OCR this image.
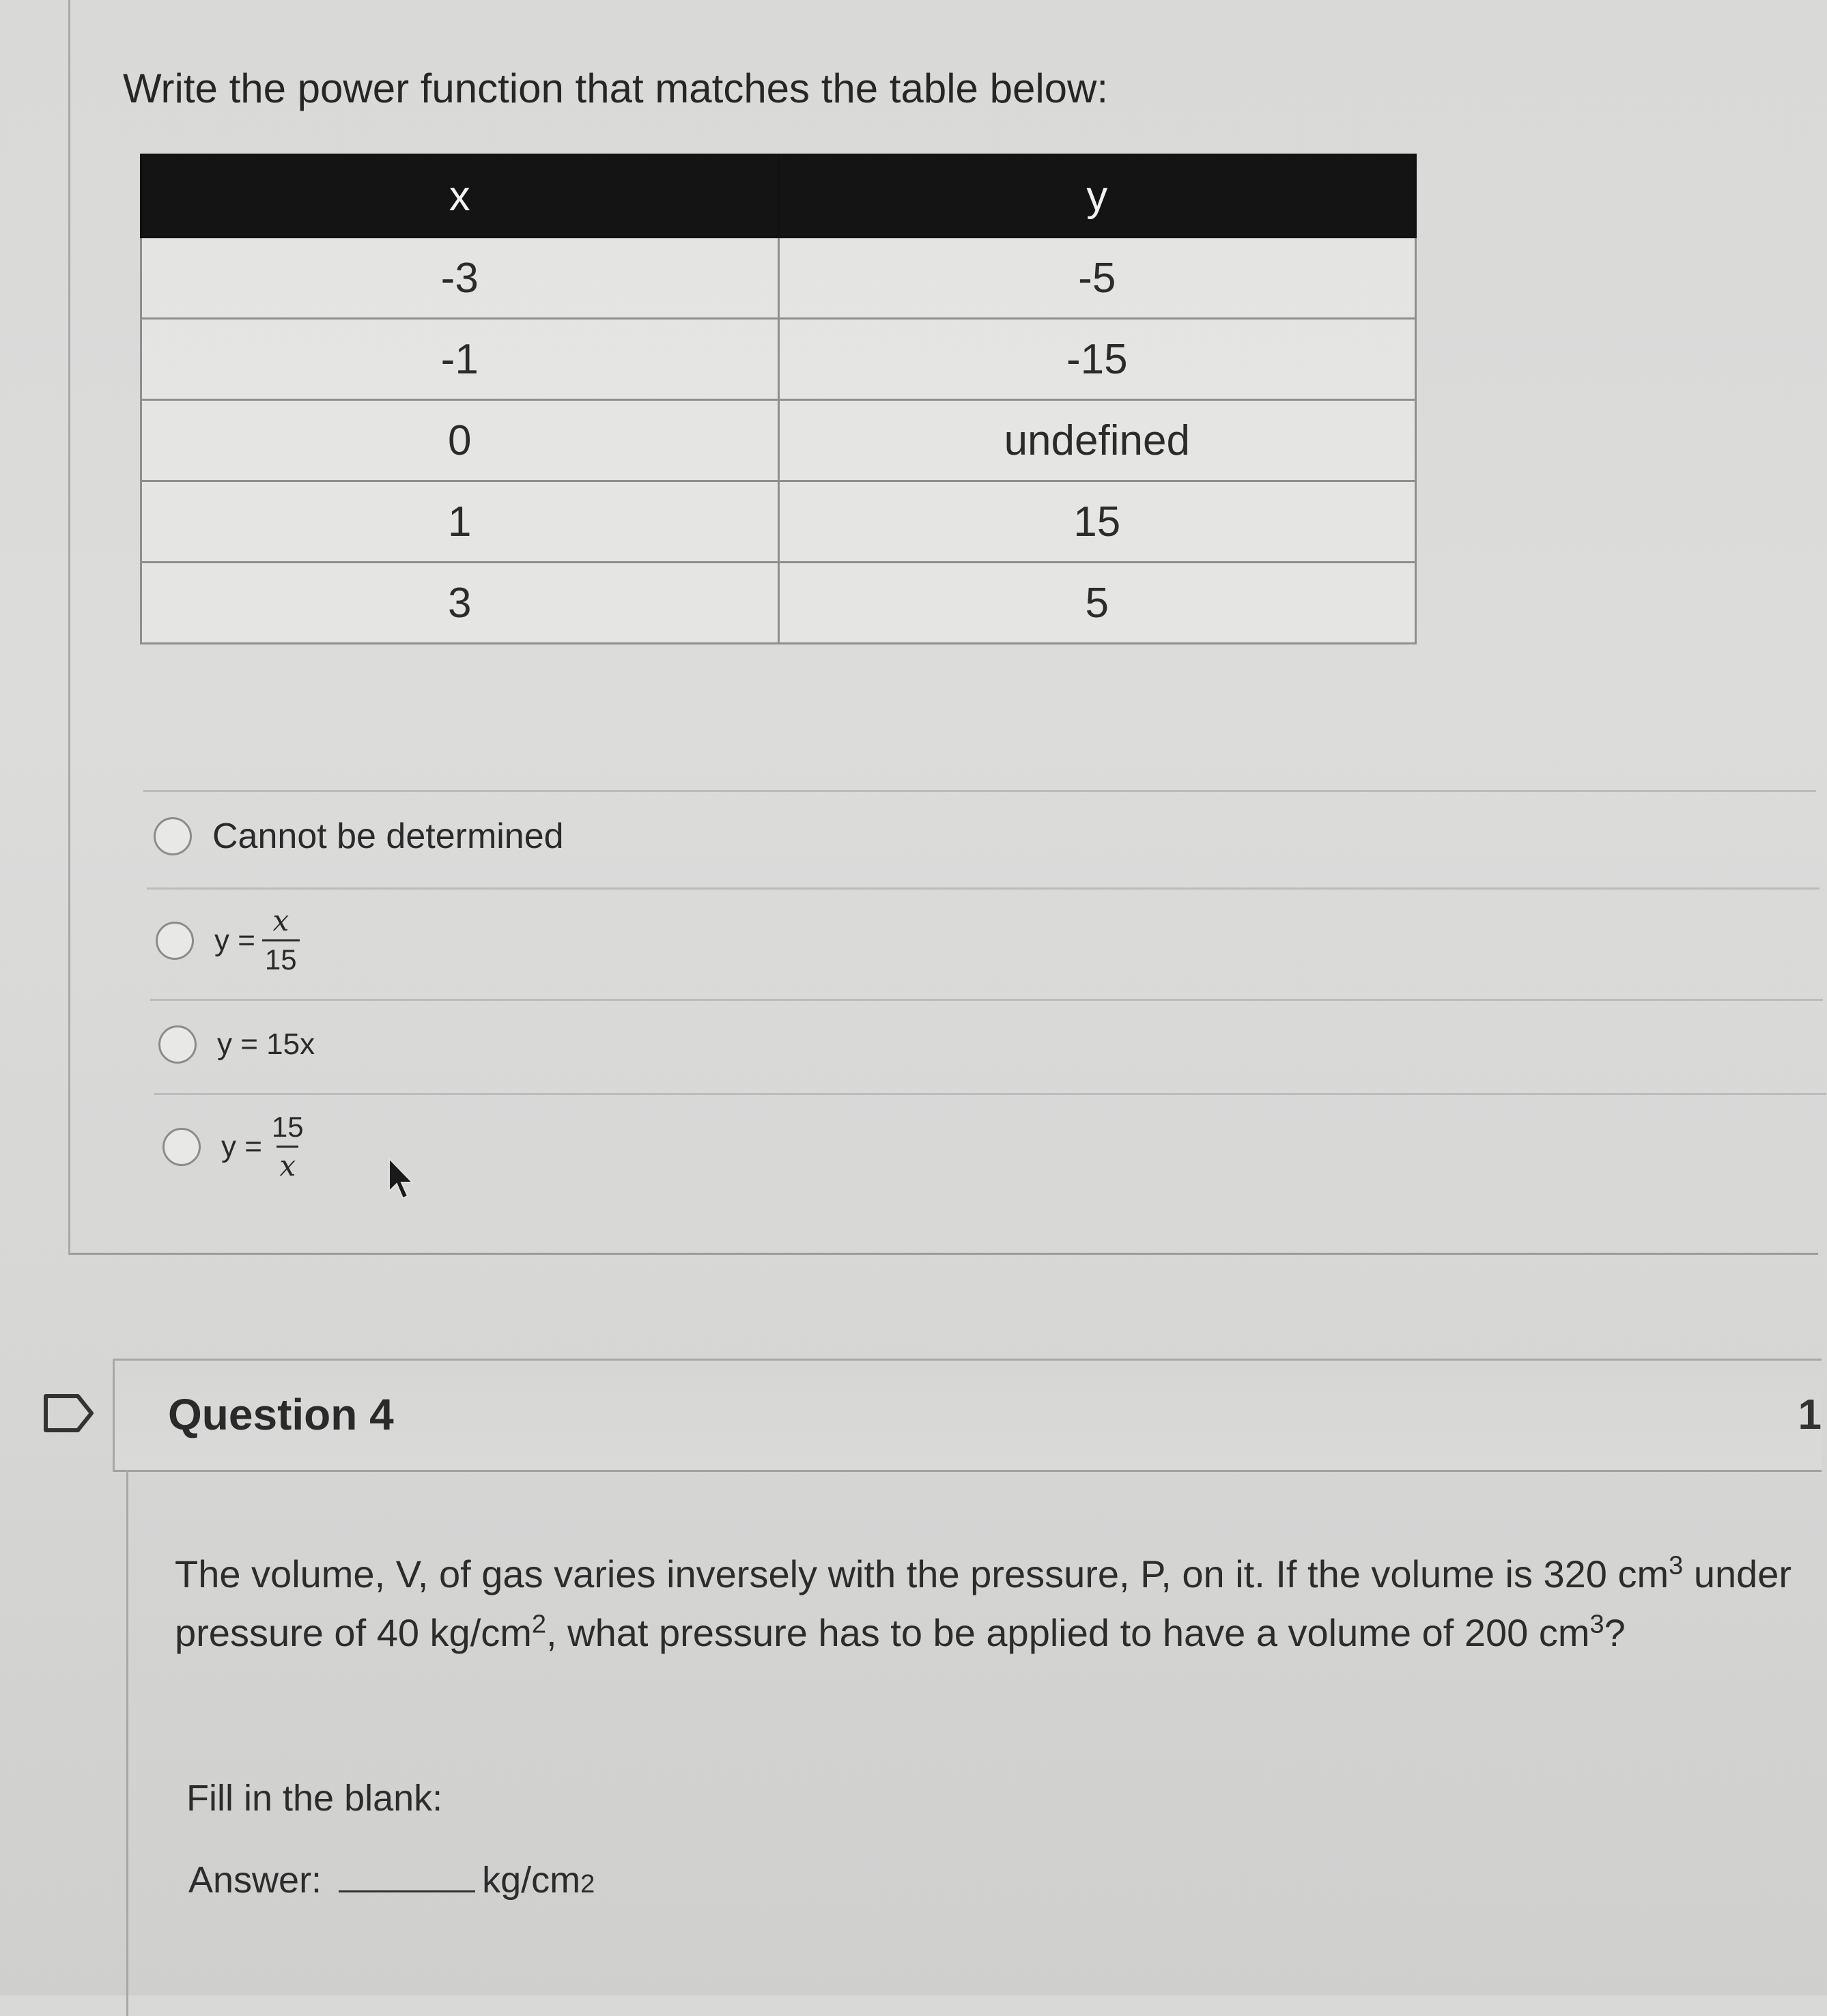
Write the power function that matches the table below:
x	y
-3	-5
-1	-15
0	undefined
1	15
3	5
Cannot be determined
$y = \frac{x}{15}$
y = 15x
$y = \frac{15}{x}$
Question 4	1
The volume, V, of gas varies inversely with the pressure, P, on it. If the volume is 320 $cm^3$ under pressure of 40 $kg/cm^2$, what pressure has to be applied to have a volume of 200 $cm^3$?
Fill in the blank:
Answer:	kg/cm 2
